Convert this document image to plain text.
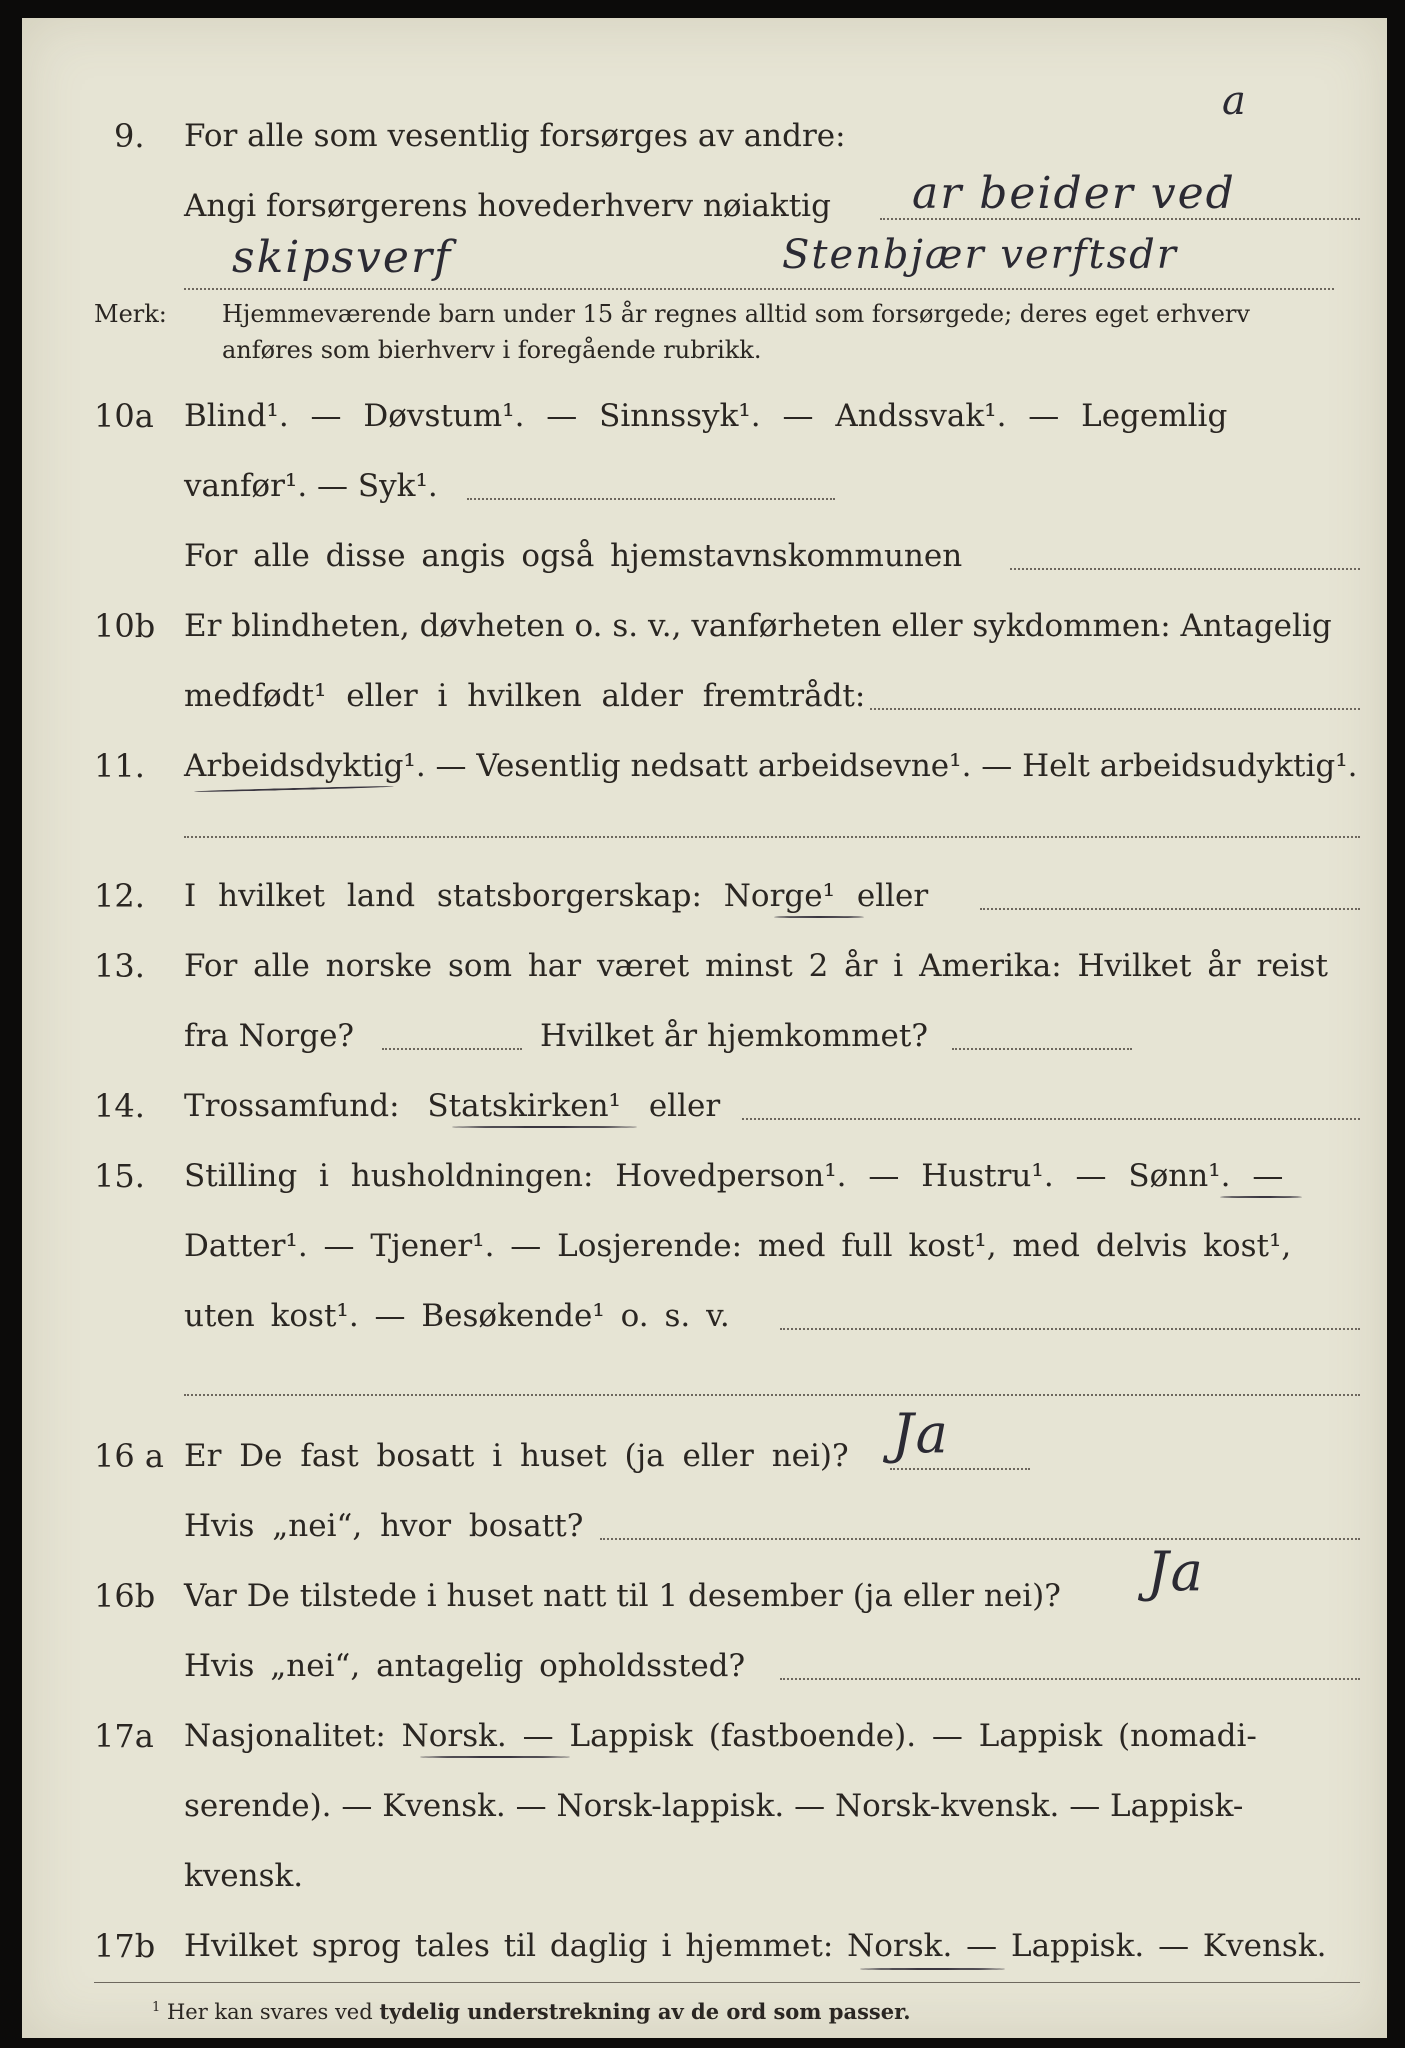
9. For alle som vesentlig forsørges av andre:
a
Angi forsørgerens hovederhverv nøiaktig ar beider ved
skipsverf	Stenbjær verftsdr
Merk: Hjemmeværende barn under 15 år regnes alltid som forsørgede; deres eget erhverv
anføres som bierhverv i foregående rubrikk.
10a Blind¹. — Døvstum¹. — Sinnssyk¹. — Andssvak¹. — Legemlig
vanfør¹. — Syk¹.
For alle disse angis også hjemstavnskommunen
10b Er blindheten, døvheten o. s. v., vanførheten eller sykdommen: Antagelig
medfødt¹ eller i hvilken alder fremtrådt:
11. Arbeidsdyktig¹. — Vesentlig nedsatt arbeidsevne¹. — Helt arbeidsudyktig¹.
12. I hvilket land statsborgerskap: Norge¹ eller
13. For alle norske som har været minst 2 år i Amerika: Hvilket år reist
fra Norge?	Hvilket år hjemkommet?
14. Trossamfund: Statskirken¹ eller
15. Stilling i husholdningen: Hovedperson¹. — Hustru¹. — Sønn¹. —
Datter¹. — Tjener¹. — Losjerende: med full kost¹, med delvis kost¹,
uten kost¹. — Besøkende¹ o. s. v.
16 a Er De fast bosatt i huset (ja eller nei)? Ja
Hvis „nei“, hvor bosatt?
16b Var De tilstede i huset natt til 1 desember (ja eller nei)? Ja
Hvis „nei“, antagelig opholdssted?
17a Nasjonalitet: Norsk. — Lappisk (fastboende). — Lappisk (nomadi-
serende). — Kvensk. — Norsk-lappisk. — Norsk-kvensk. — Lappisk-
kvensk.
17b Hvilket sprog tales til daglig i hjemmet: Norsk. — Lappisk. — Kvensk.
$^1$ Her kan svares ved tydelig understrekning av de ord som passer.
